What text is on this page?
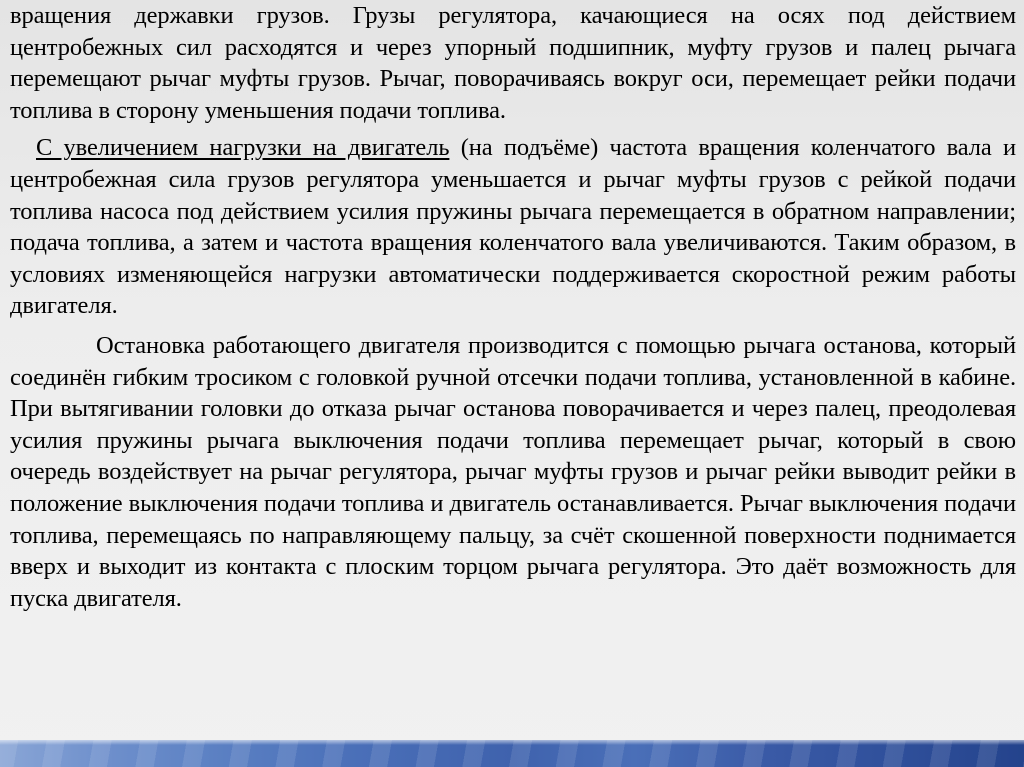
вращения державки грузов. Грузы регулятора, качающиеся на осях под действием центробежных сил расходятся и через упорный подшипник, муфту грузов и палец рычага перемещают рычаг муфты грузов. Рычаг, поворачиваясь вокруг оси, перемещает рейки подачи топлива в сторону уменьшения подачи топлива.

С увеличением нагрузки на двигатель (на подъёме) частота вращения коленчатого вала и центробежная сила грузов регулятора уменьшается и рычаг муфты грузов с рейкой подачи топлива насоса под действием усилия пружины рычага перемещается в обратном направлении; подача топлива, а затем и частота вращения коленчатого вала увеличиваются. Таким образом, в условиях изменяющейся нагрузки автоматически поддерживается скоростной режим работы двигателя.

Остановка работающего двигателя производится с помощью рычага останова, который соединён гибким тросиком с головкой ручной отсечки подачи топлива, установленной в кабине. При вытягивании головки до отказа рычаг останова поворачивается и через палец, преодолевая усилия пружины рычага выключения подачи топлива перемещает рычаг, который в свою очередь воздействует на рычаг регулятора, рычаг муфты грузов и рычаг рейки выводит рейки в положение выключения подачи топлива и двигатель останавливается. Рычаг выключения подачи топлива, перемещаясь по направляющему пальцу, за счёт скошенной поверхности поднимается вверх и выходит из контакта с плоским торцом рычага регулятора. Это даёт возможность для пуска двигателя.
